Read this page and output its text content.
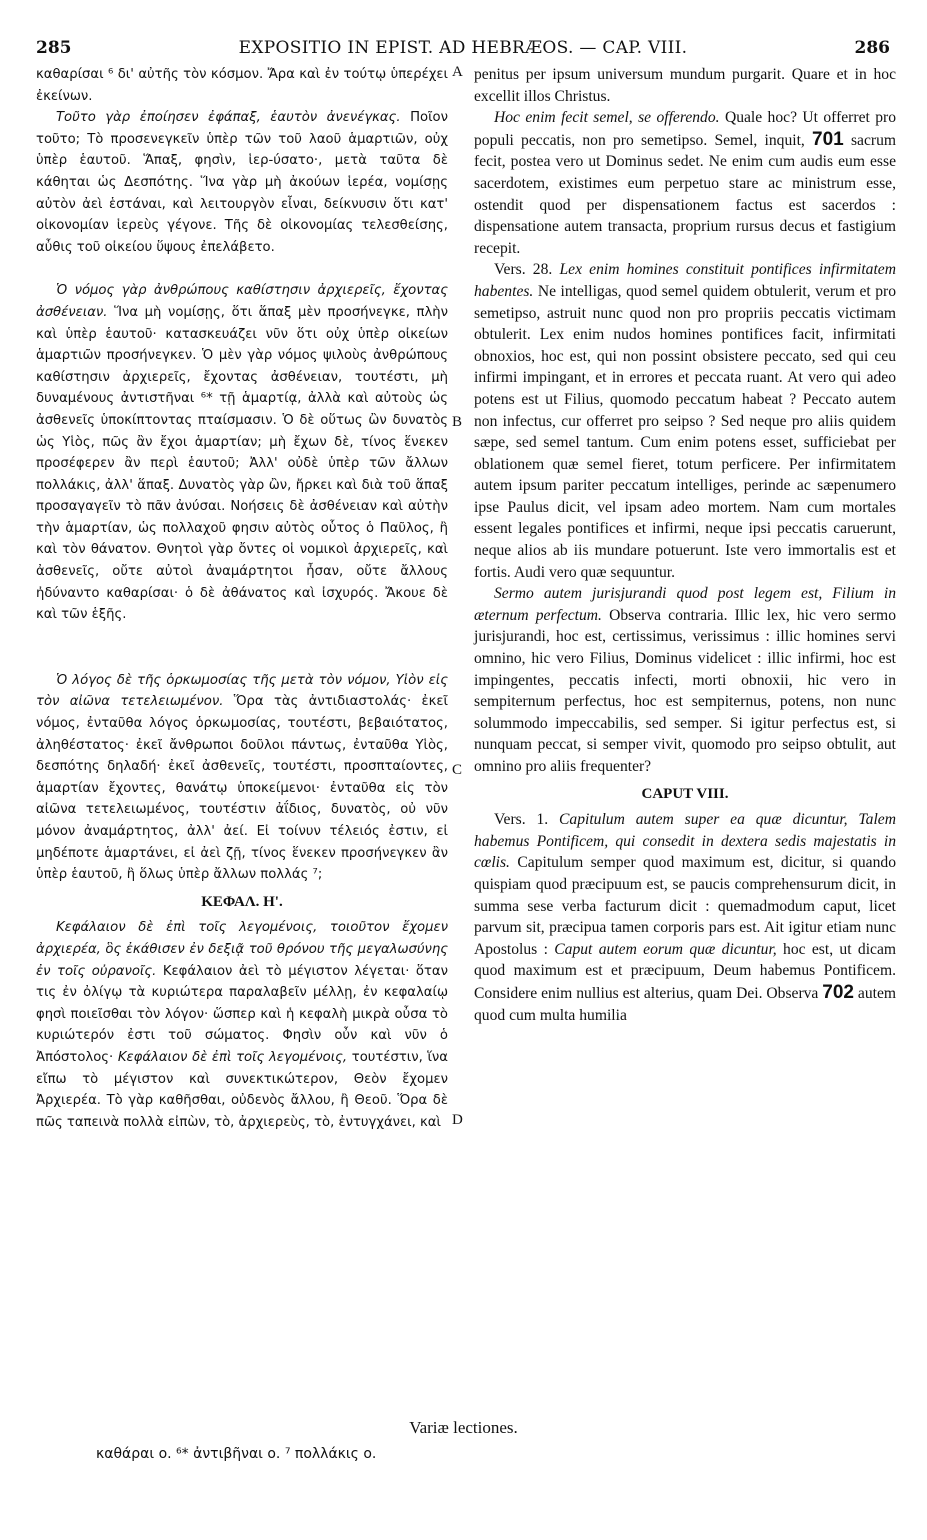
285	EXPOSITIO IN EPIST. AD HEBRÆOS. — CAP. VIII.	286
A
B
C
D

καθαρίσαι ⁶ δι' αὐτῆς τὸν κόσμον. Ἄρα καὶ ἐν τούτῳ ὑπερέχει ἐκείνων.

Τοῦτο γὰρ ἐποίησεν ἐφάπαξ, ἑαυτὸν ἀνενέγκας. Ποῖον τοῦτο; Τὸ προσενεγκεῖν ὑπὲρ τῶν τοῦ λαοῦ ἁμαρτιῶν, οὐχ ὑπὲρ ἑαυτοῦ. Ἅπαξ, φησὶν, ἱερ-ύσατο·, μετὰ ταῦτα δὲ κάθηται ὡς Δεσπότης. Ἵνα γὰρ μὴ ἀκούων ἱερέα, νομίσῃς αὐτὸν ἀεὶ ἑστάναι, καὶ λειτουργὸν εἶναι, δείκνυσιν ὅτι κατ' οἰκονομίαν ἱερεὺς γέγονε. Τῆς δὲ οἰκονομίας τελεσθείσης, αὖθις τοῦ οἰκείου ὕψους ἐπελάβετο.

Ὁ νόμος γὰρ ἀνθρώπους καθίστησιν ἀρχιερεῖς, ἔχοντας ἀσθένειαν. Ἵνα μὴ νομίσῃς, ὅτι ἅπαξ μὲν προσήνεγκε, πλὴν καὶ ὑπὲρ ἑαυτοῦ· κατασκευάζει νῦν ὅτι οὐχ ὑπὲρ οἰκείων ἁμαρτιῶν προσήνεγκεν. Ὁ μὲν γὰρ νόμος ψιλοὺς ἀνθρώπους καθίστησιν ἀρχιερεῖς, ἔχοντας ἀσθένειαν, τουτέστι, μὴ δυναμένους ἀντιστῆναι ⁶* τῇ ἁμαρτίᾳ, ἀλλὰ καὶ αὐτοὺς ὡς ἀσθενεῖς ὑποκίπτοντας πταίσμασιν. Ὁ δὲ οὕτως ὢν δυνατὸς ὡς Υἱὸς, πῶς ἂν ἔχοι ἁμαρτίαν; μὴ ἔχων δὲ, τίνος ἕνεκεν προσέφερεν ἂν περὶ ἑαυτοῦ; Ἀλλ' οὐδὲ ὑπὲρ τῶν ἄλλων πολλάκις, ἀλλ' ἅπαξ. Δυνατὸς γὰρ ὢν, ἤρκει καὶ διὰ τοῦ ἅπαξ προσαγαγεῖν τὸ πᾶν ἀνύσαι. Νοήσεις δὲ ἀσθένειαν καὶ αὐτὴν τὴν ἁμαρτίαν, ὡς πολλαχοῦ φησιν αὐτὸς οὗτος ὁ Παῦλος, ἢ καὶ τὸν θάνατον. Θνητοὶ γὰρ ὄντες οἱ νομικοὶ ἀρχιερεῖς, καὶ ἀσθενεῖς, οὔτε αὐτοὶ ἀναμάρτητοι ἦσαν, οὔτε ἄλλους ἠδύναντο καθαρίσαι· ὁ δὲ ἀθάνατος καὶ ἰσχυρός. Ἄκουε δὲ καὶ τῶν ἑξῆς.

Ὁ λόγος δὲ τῆς ὁρκωμοσίας τῆς μετὰ τὸν νόμον, Υἱὸν εἰς τὸν αἰῶνα τετελειωμένον. Ὅρα τὰς ἀντιδιαστολάς· ἐκεῖ νόμος, ἐνταῦθα λόγος ὁρκωμοσίας, τουτέστι, βεβαιότατος, ἀληθέστατος· ἐκεῖ ἄνθρωποι δοῦλοι πάντως, ἐνταῦθα Υἱὸς, δεσπότης δηλαδή· ἐκεῖ ἀσθενεῖς, τουτέστι, προσπταίοντες, ἁμαρτίαν ἔχοντες, θανάτῳ ὑποκείμενοι· ἐνταῦθα εἰς τὸν αἰῶνα τετελειωμένος, τουτέστιν ἀΐδιος, δυνατὸς, οὐ νῦν μόνον ἀναμάρτητος, ἀλλ' ἀεί. Εἰ τοίνυν τέλειός ἐστιν, εἰ μηδέποτε ἁμαρτάνει, εἰ ἀεὶ ζῇ, τίνος ἕνεκεν προσήνεγκεν ἂν ὑπὲρ ἑαυτοῦ, ἢ ὅλως ὑπὲρ ἄλλων πολλάς ⁷;

ΚΕΦΑΛ. Η'.

Κεφάλαιον δὲ ἐπὶ τοῖς λεγομένοις, τοιοῦτον ἔχομεν ἀρχιερέα, ὃς ἐκάθισεν ἐν δεξιᾷ τοῦ θρόνου τῆς μεγαλωσύνης ἐν τοῖς οὐρανοῖς. Κεφάλαιον ἀεὶ τὸ μέγιστον λέγεται· ὅταν τις ἐν ὀλίγῳ τὰ κυριώτερα παραλαβεῖν μέλλῃ, ἐν κεφαλαίῳ φησὶ ποιεῖσθαι τὸν λόγον· ὥσπερ καὶ ἡ κεφαλὴ μικρὰ οὖσα τὸ κυριώτερόν ἐστι τοῦ σώματος. Φησὶν οὖν καὶ νῦν ὁ Ἀπόστολος· Κεφάλαιον δὲ ἐπὶ τοῖς λεγομένοις, τουτέστιν, ἵνα εἴπω τὸ μέγιστον καὶ συνεκτικώτερον, Θεὸν ἔχομεν Ἀρχιερέα. Τὸ γὰρ καθῆσθαι, οὐδενὸς ἄλλου, ἢ Θεοῦ. Ὅρα δὲ πῶς ταπεινὰ πολλὰ εἰπὼν, τὸ, ἀρχιερεὺς, τὸ, ἐντυγχάνει, καὶ

penitus per ipsum universum mundum purgarit. Quare et in hoc excellit illos Christus.

Hoc enim fecit semel, se offerendo. Quale hoc? Ut offerret pro populi peccatis, non pro semetipso. Semel, inquit, 701 sacrum fecit, postea vero ut Dominus sedet. Ne enim cum audis eum esse sacerdotem, existimes eum perpetuo stare ac ministrum esse, ostendit quod per dispensationem factus est sacerdos : dispensatione autem transacta, proprium rursus decus et fastigium recepit.

Vers. 28. Lex enim homines constituit pontifices infirmitatem habentes. Ne intelligas, quod semel quidem obtulerit, verum et pro semetipso, astruit nunc quod non pro propriis peccatis victimam obtulerit. Lex enim nudos homines pontifices facit, infirmitati obnoxios, hoc est, qui non possint obsistere peccato, sed qui ceu infirmi impingant, et in errores et peccata ruant. At vero qui adeo potens est ut Filius, quomodo peccatum habeat ? Peccato autem non infectus, cur offerret pro seipso ? Sed neque pro aliis quidem sæpe, sed semel tantum. Cum enim potens esset, sufficiebat per oblationem quæ semel fieret, totum perficere. Per infirmitatem autem ipsum pariter peccatum intelliges, perinde ac sæpenumero ipse Paulus dicit, vel ipsam adeo mortem. Nam cum mortales essent legales pontifices et infirmi, neque ipsi peccatis caruerunt, neque alios ab iis mundare potuerunt. Iste vero immortalis est et fortis. Audi vero quæ sequuntur.

Sermo autem jurisjurandi quod post legem est, Filium in æternum perfectum. Observa contraria. Illic lex, hic vero sermo jurisjurandi, hoc est, certissimus, verissimus : illic homines servi omnino, hic vero Filius, Dominus videlicet : illic infirmi, hoc est impingentes, peccatis infecti, morti obnoxii, hic vero in sempiternum perfectus, hoc est sempiternus, potens, non nunc solummodo impeccabilis, sed semper. Si igitur perfectus est, si nunquam peccat, si semper vivit, quomodo pro seipso obtulit, aut omnino pro aliis frequenter?

CAPUT VIII.

Vers. 1. Capitulum autem super ea quæ dicuntur, Talem habemus Pontificem, qui consedit in dextera sedis majestatis in cœlis. Capitulum semper quod maximum est, dicitur, si quando quispiam quod præcipuum est, se paucis comprehensurum dicit, in summa sese verba facturum dicit : quemadmodum caput, licet parvum sit, præcipua tamen corporis pars est. Ait igitur etiam nunc Apostolus : Caput autem eorum quæ dicuntur, hoc est, ut dicam quod maximum est et præcipuum, Deum habemus Pontificem. Considere enim nullius est alterius, quam Dei. Observa 702 autem quod cum multa humilia

Variæ lectiones.
καθάραι ο. ⁶* ἀντιβῆναι ο. ⁷ πολλάκις ο.
